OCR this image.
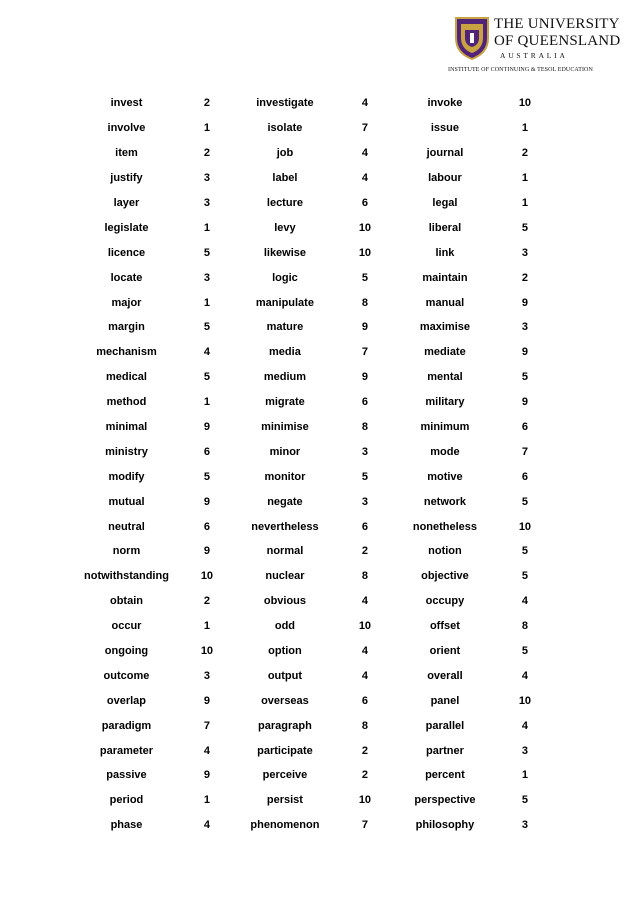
THE UNIVERSITY
OF QUEENSLAND
AUSTRALIA
INSTITUTE OF CONTINUING & TESOL EDUCATION
invest	2	investigate	4	invoke	10
involve	1	isolate	7	issue	1
item	2	job	4	journal	2
justify	3	label	4	labour	1
layer	3	lecture	6	legal	1
legislate	1	levy	10	liberal	5
licence	5	likewise	10	link	3
locate	3	logic	5	maintain	2
major	1	manipulate	8	manual	9
margin	5	mature	9	maximise	3
mechanism	4	media	7	mediate	9
medical	5	medium	9	mental	5
method	1	migrate	6	military	9
minimal	9	minimise	8	minimum	6
ministry	6	minor	3	mode	7
modify	5	monitor	5	motive	6
mutual	9	negate	3	network	5
neutral	6	nevertheless	6	nonetheless	10
norm	9	normal	2	notion	5
notwithstanding	10	nuclear	8	objective	5
obtain	2	obvious	4	occupy	4
occur	1	odd	10	offset	8
ongoing	10	option	4	orient	5
outcome	3	output	4	overall	4
overlap	9	overseas	6	panel	10
paradigm	7	paragraph	8	parallel	4
parameter	4	participate	2	partner	3
passive	9	perceive	2	percent	1
period	1	persist	10	perspective	5
phase	4	phenomenon	7	philosophy	3
